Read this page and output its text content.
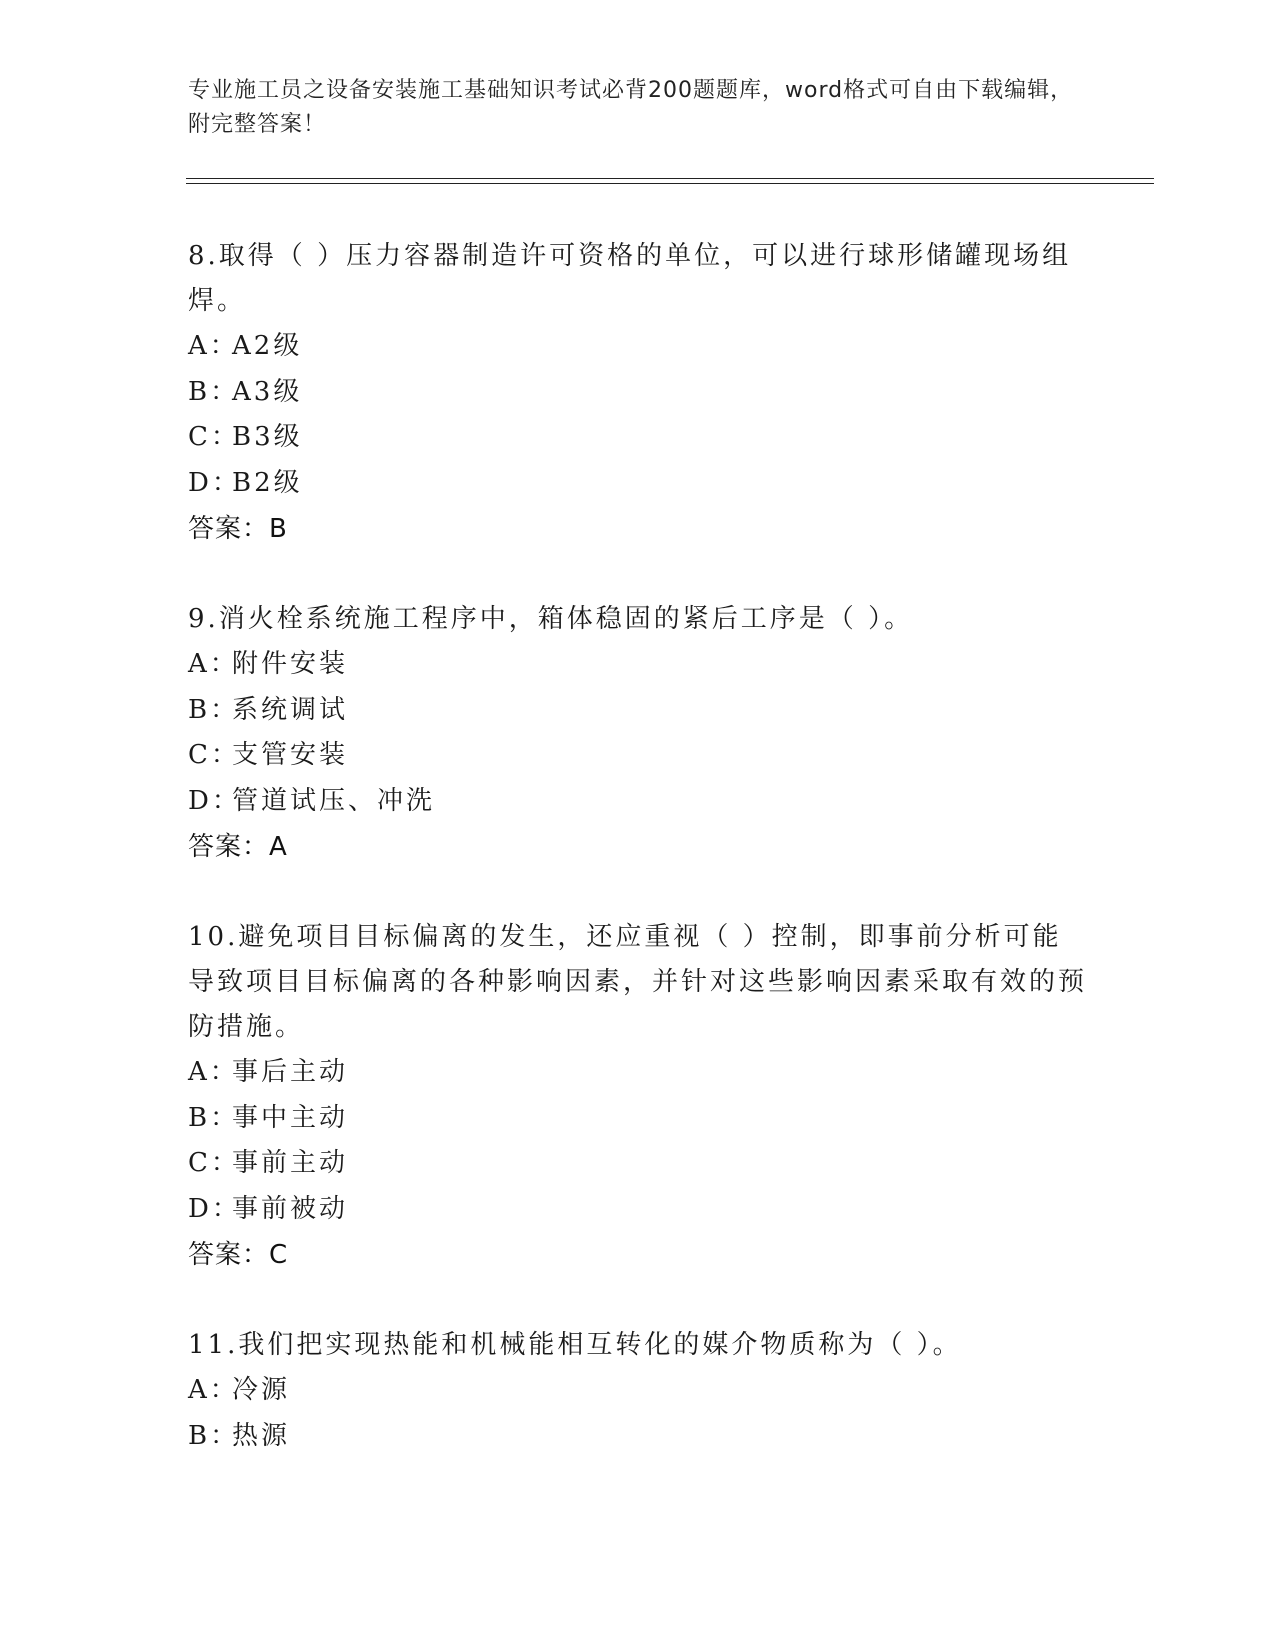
专业施工员之设备安装施工基础知识考试必背200题题库，word格式可自由下载编辑，附完整答案！

8.取得（ ）压力容器制造许可资格的单位，可以进行球形储罐现场组焊。

A：
A2级

B：
A3级

C：
B3级

D：
B2级

答案：B

9.消火栓系统施工程序中，箱体稳固的紧后工序是（ ）。

A：
附件安装

B：
系统调试

C：
支管安装

D：
管道试压、冲洗

答案：A

10.避免项目目标偏离的发生，还应重视（ ）控制，即事前分析可能导致项目目标偏离的各种影响因素，并针对这些影响因素采取有效的预防措施。

A：
事后主动

B：
事中主动

C：
事前主动

D：
事前被动

答案：C

11.我们把实现热能和机械能相互转化的媒介物质称为（ ）。

A：
冷源

B：
热源
